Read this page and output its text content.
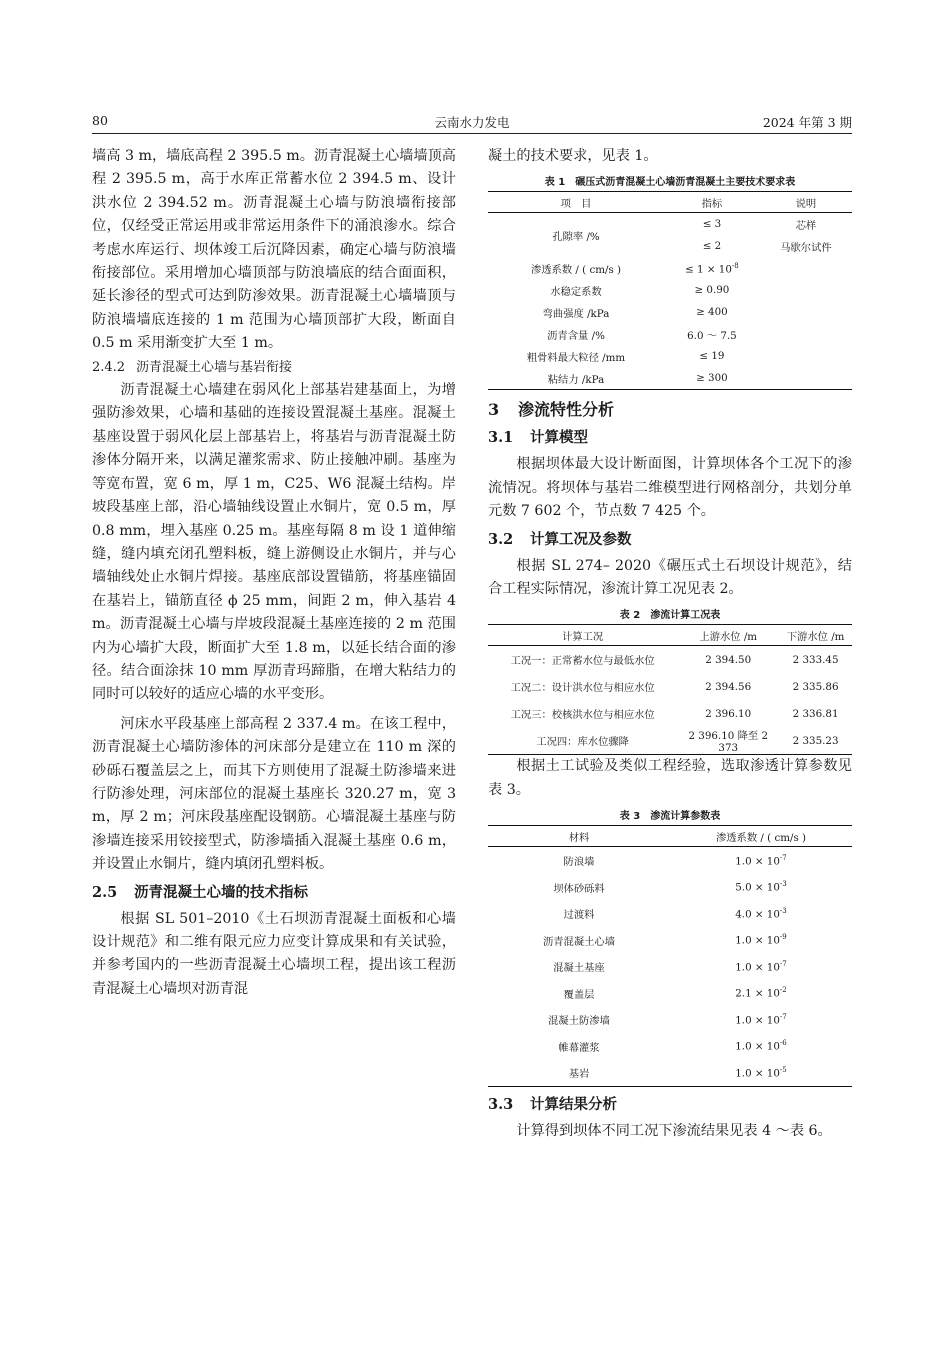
80	云南水力发电	2024 年第 3 期

墙高 3 m，墙底高程 2 395.5 m。沥青混凝土心墙墙顶高程 2 395.5 m，高于水库正常蓄水位 2 394.5 m、设计洪水位 2 394.52 m。沥青混凝土心墙与防浪墙衔接部位，仅经受正常运用或非常运用条件下的涌浪渗水。综合考虑水库运行、坝体竣工后沉降因素，确定心墙与防浪墙衔接部位。采用增加心墙顶部与防浪墙底的结合面面积，延长渗径的型式可达到防渗效果。沥青混凝土心墙墙顶与防浪墙墙底连接的 1 m 范围为心墙顶部扩大段，断面自 0.5 m 采用渐变扩大至 1 m。

2.4.2 沥青混凝土心墙与基岩衔接

沥青混凝土心墙建在弱风化上部基岩建基面上，为增强防渗效果，心墙和基础的连接设置混凝土基座。混凝土基座设置于弱风化层上部基岩上，将基岩与沥青混凝土防渗体分隔开来，以满足灌浆需求、防止接触冲刷。基座为等宽布置，宽 6 m，厚 1 m，C25、W6 混凝土结构。岸坡段基座上部，沿心墙轴线设置止水铜片，宽 0.5 m，厚 0.8 mm，埋入基座 0.25 m。基座每隔 8 m 设 1 道伸缩缝，缝内填充闭孔塑料板，缝上游侧设止水铜片，并与心墙轴线处止水铜片焊接。基座底部设置锚筋，将基座锚固在基岩上，锚筋直径 ϕ 25 mm，间距 2 m，伸入基岩 4 m。沥青混凝土心墙与岸坡段混凝土基座连接的 2 m 范围内为心墙扩大段，断面扩大至 1.8 m，以延长结合面的渗径。结合面涂抹 10 mm 厚沥青玛蹄脂，在增大粘结力的同时可以较好的适应心墙的水平变形。

河床水平段基座上部高程 2 337.4 m。在该工程中，沥青混凝土心墙防渗体的河床部分是建立在 110 m 深的砂砾石覆盖层之上，而其下方则使用了混凝土防渗墙来进行防渗处理，河床部位的混凝土基座长 320.27 m，宽 3 m，厚 2 m；河床段基座配设钢筋。心墙混凝土基座与防渗墙连接采用铰接型式，防渗墙插入混凝土基座 0.6 m，并设置止水铜片，缝内填闭孔塑料板。

2.5 沥青混凝土心墙的技术指标

根据 SL 501–2010《土石坝沥青混凝土面板和心墙设计规范》和二维有限元应力应变计算成果和有关试验，并参考国内的一些沥青混凝土心墙坝工程，提出该工程沥青混凝土心墙坝对沥青混

凝土的技术要求，见表 1。

表 1　碾压式沥青混凝土心墙沥青混凝土主要技术要求表
项　目	指标	说明
孔隙率 /%	≤ 3	芯样
	≤ 2	马歇尔试件
渗透系数 / ( cm/s )	≤ $1 \times 10^{-8}$	
水稳定系数	≥ 0.90	
弯曲强度 /kPa	≥ 400	
沥青含量 /%	6.0 ～ 7.5	
粗骨料最大粒径 /mm	≤ 19	
粘结力 /kPa	≥ 300	

3 渗流特性分析

3.1 计算模型

根据坝体最大设计断面图，计算坝体各个工况下的渗流情况。将坝体与基岩二维模型进行网格剖分，共划分单元数 7 602 个，节点数 7 425 个。

3.2 计算工况及参数

根据 SL 274– 2020《碾压式土石坝设计规范》，结合工程实际情况，渗流计算工况见表 2。

表 2　渗流计算工况表
计算工况	上游水位 /m	下游水位 /m
工况一：正常蓄水位与最低水位	2 394.50	2 333.45
工况二：设计洪水位与相应水位	2 394.56	2 335.86
工况三：校核洪水位与相应水位	2 396.10	2 336.81
工况四：库水位骤降	2 396.10 降至 2 373	2 335.23

根据土工试验及类似工程经验，选取渗透计算参数见表 3。

表 3　渗流计算参数表
材料	渗透系数 / ( cm/s )
防浪墙	$1.0 \times 10^{-7}$
坝体砂砾料	$5.0 \times 10^{-3}$
过渡料	$4.0 \times 10^{-3}$
沥青混凝土心墙	$1.0 \times 10^{-9}$
混凝土基座	$1.0 \times 10^{-7}$
覆盖层	$2.1 \times 10^{-2}$
混凝土防渗墙	$1.0 \times 10^{-7}$
帷幕灌浆	$1.0 \times 10^{-6}$
基岩	$1.0 \times 10^{-5}$

3.3 计算结果分析

计算得到坝体不同工况下渗流结果见表 4 ～表 6。
